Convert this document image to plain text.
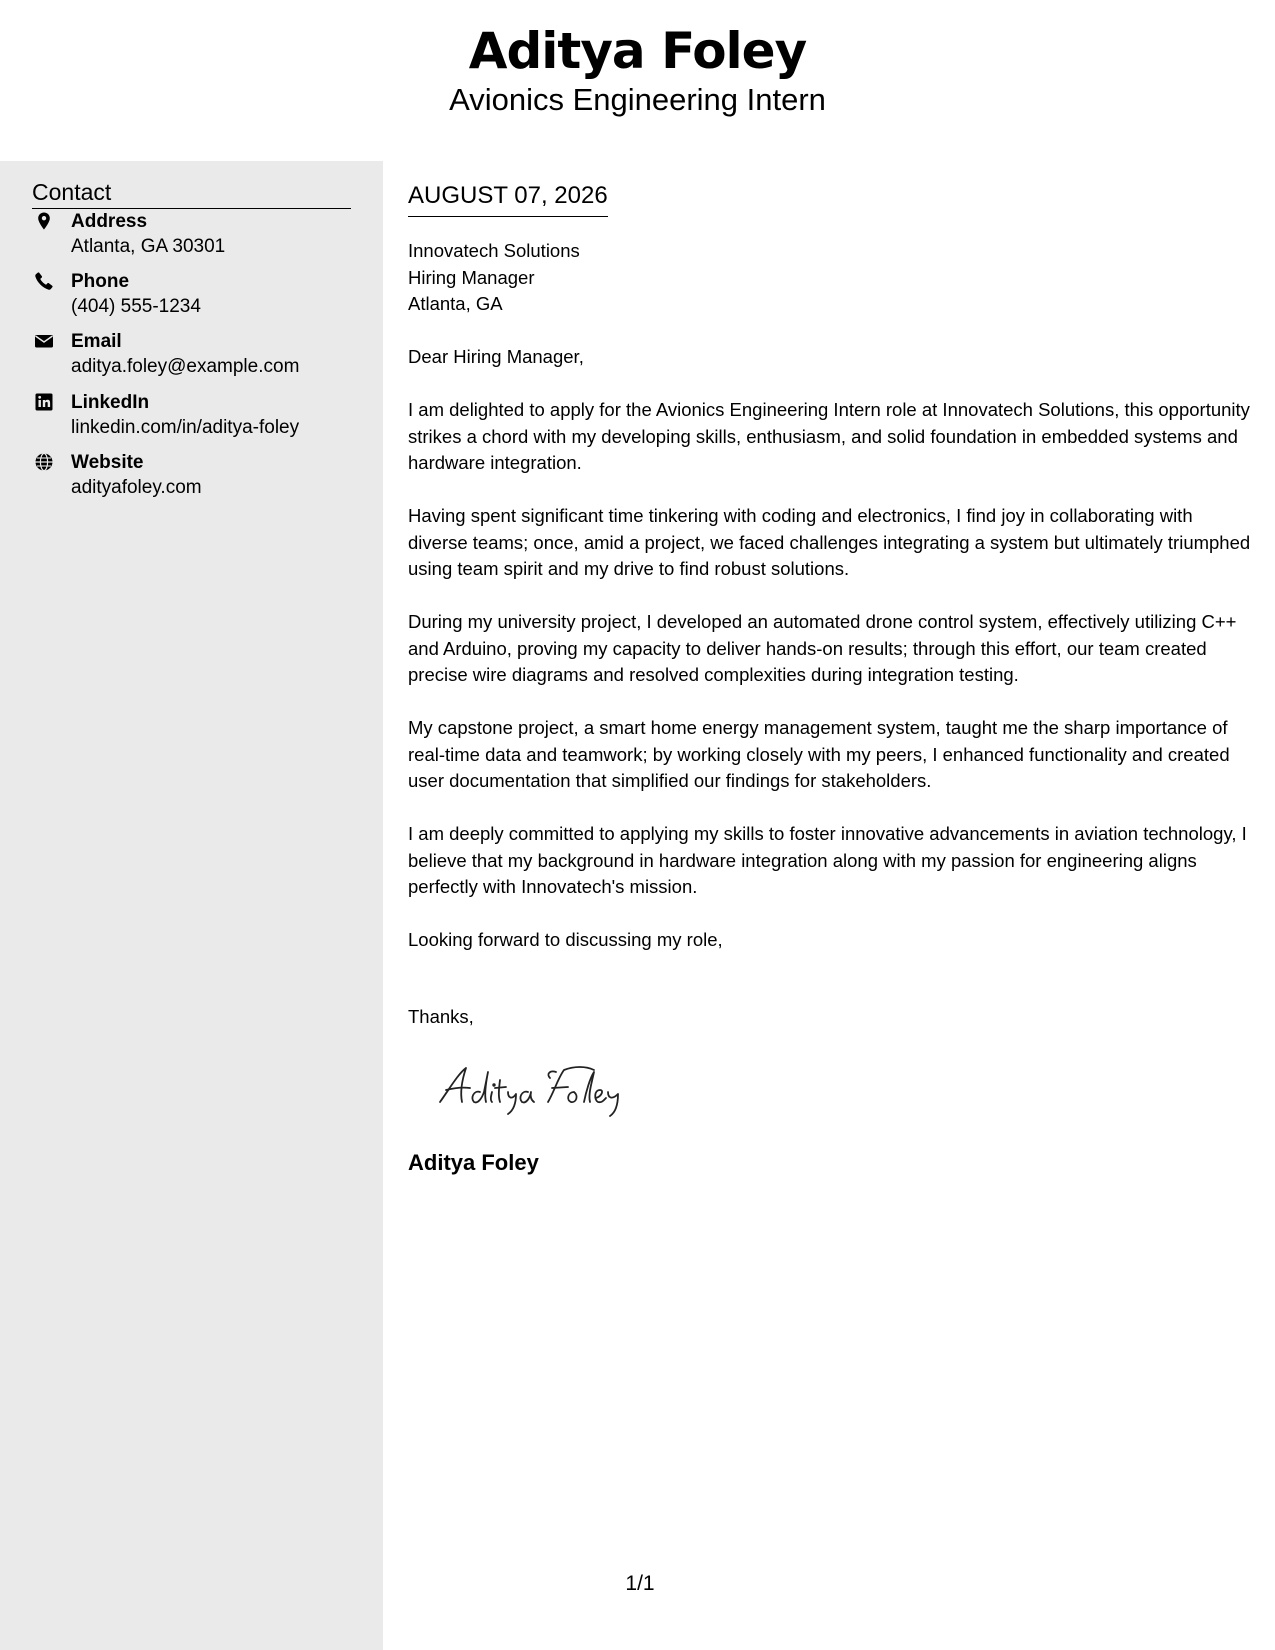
Aditya Foley
Avionics Engineering Intern
Contact
Address
Atlanta, GA 30301
Phone
(404) 555-1234
Email
aditya.foley@example.com
LinkedIn
linkedin.com/in/aditya-foley
Website
adityafoley.com
AUGUST 07, 2026
Innovatech Solutions
Hiring Manager
Atlanta, GA

Dear Hiring Manager,

I am delighted to apply for the Avionics Engineering Intern role at Innovatech Solutions, this opportunity strikes a chord with my developing skills, enthusiasm, and solid foundation in embedded systems and hardware integration.

Having spent significant time tinkering with coding and electronics, I find joy in collaborating with diverse teams; once, amid a project, we faced challenges integrating a system but ultimately triumphed using team spirit and my drive to find robust solutions.

During my university project, I developed an automated drone control system, effectively utilizing C++ and Arduino, proving my capacity to deliver hands-on results; through this effort, our team created precise wire diagrams and resolved complexities during integration testing.

My capstone project, a smart home energy management system, taught me the sharp importance of real-time data and teamwork; by working closely with my peers, I enhanced functionality and created user documentation that simplified our findings for stakeholders.

I am deeply committed to applying my skills to foster innovative advancements in aviation technology, I believe that my background in hardware integration along with my passion for engineering aligns perfectly with Innovatech's mission.

Looking forward to discussing my role,

Thanks,
Aditya Foley
1/1
